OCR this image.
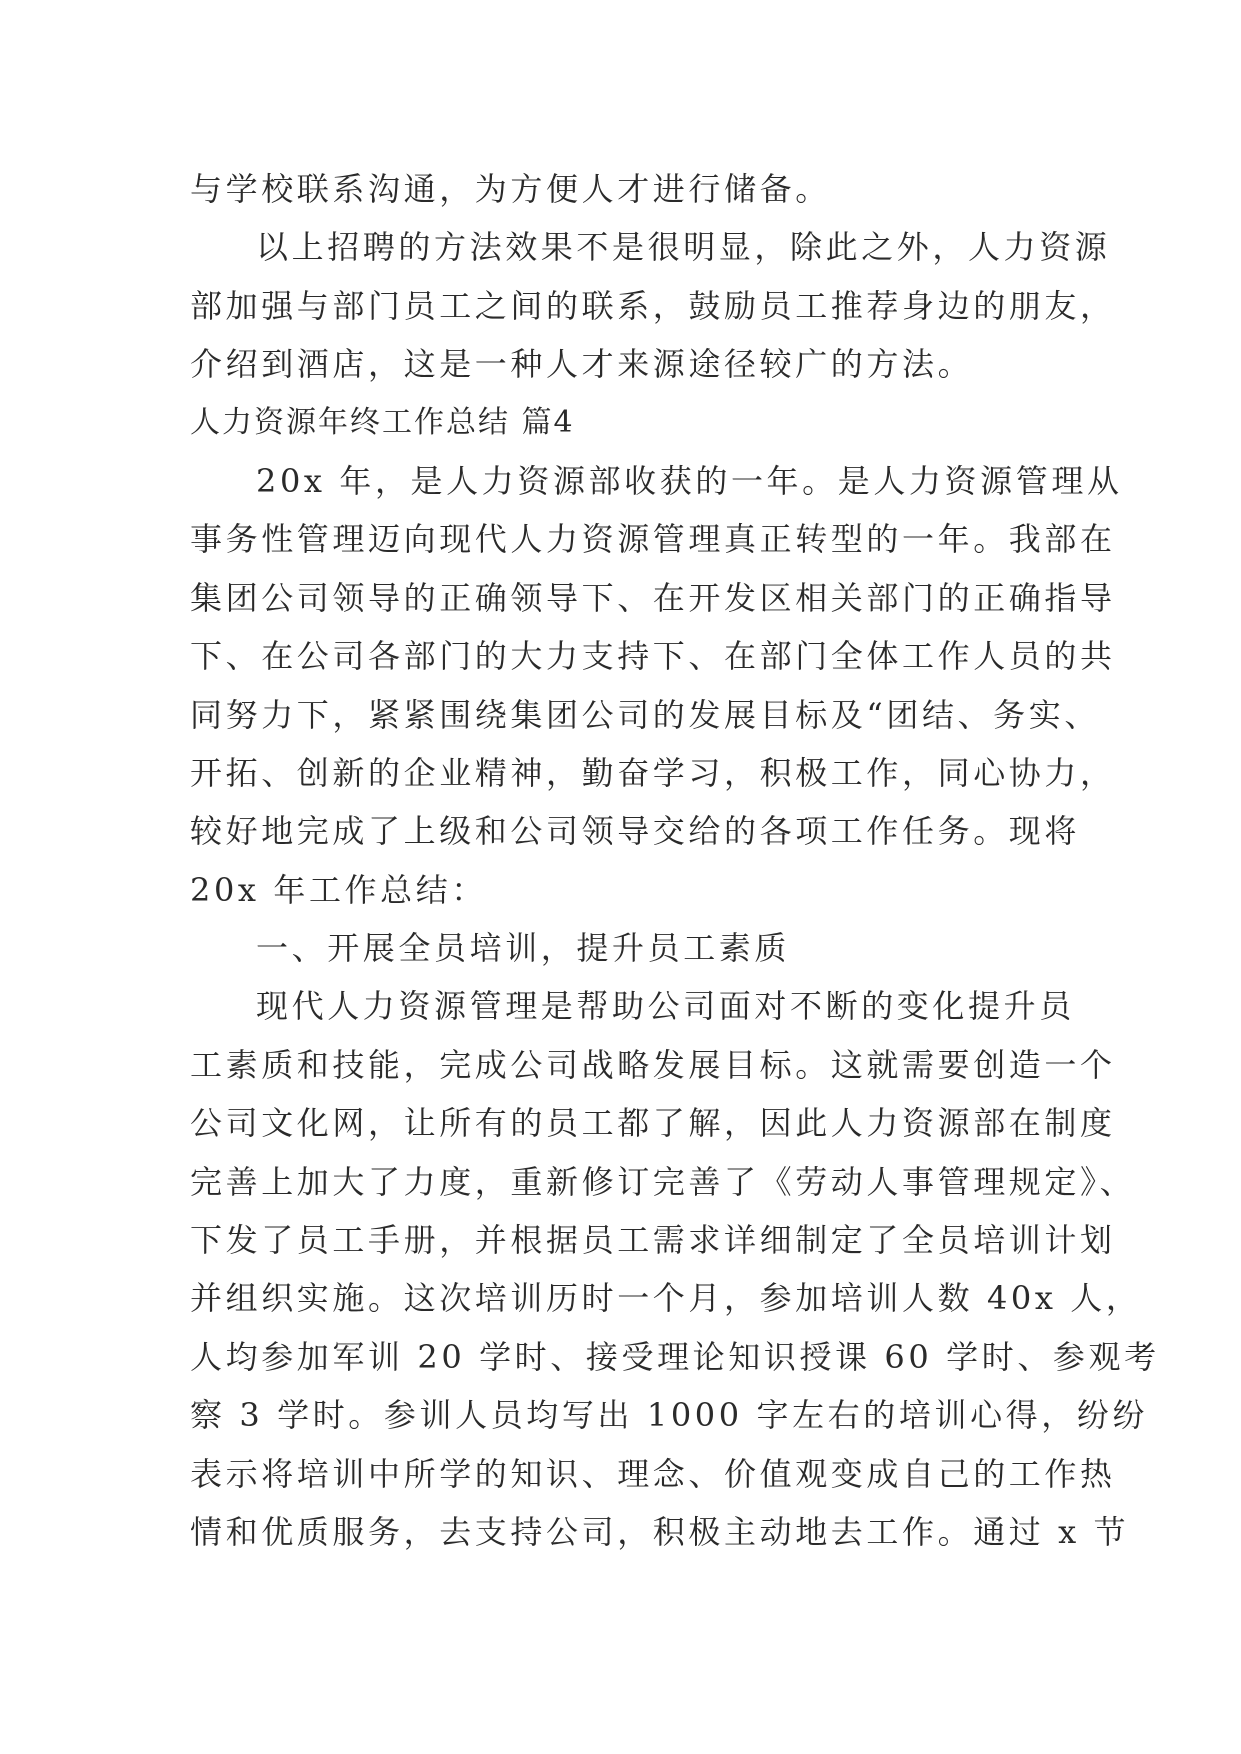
与学校联系沟通，为方便人才进行储备。
以上招聘的方法效果不是很明显，除此之外，人力资源
部加强与部门员工之间的联系，鼓励员工推荐身边的朋友，
介绍到酒店，这是一种人才来源途径较广的方法。
人力资源年终工作总结 篇4
20x 年，是人力资源部收获的一年。是人力资源管理从
事务性管理迈向现代人力资源管理真正转型的一年。我部在
集团公司领导的正确领导下、在开发区相关部门的正确指导
下、在公司各部门的大力支持下、在部门全体工作人员的共
同努力下，紧紧围绕集团公司的发展目标及“团结、务实、
开拓、创新的企业精神，勤奋学习，积极工作，同心协力，
较好地完成了上级和公司领导交给的各项工作任务。现将
20x 年工作总结：
一、开展全员培训，提升员工素质
现代人力资源管理是帮助公司面对不断的变化提升员
工素质和技能，完成公司战略发展目标。这就需要创造一个
公司文化网，让所有的员工都了解，因此人力资源部在制度
完善上加大了力度，重新修订完善了《劳动人事管理规定》、
下发了员工手册，并根据员工需求详细制定了全员培训计划
并组织实施。这次培训历时一个月，参加培训人数 40x 人，
人均参加军训 20 学时、接受理论知识授课 60 学时、参观考
察 3 学时。参训人员均写出 1000 字左右的培训心得，纷纷
表示将培训中所学的知识、理念、价值观变成自己的工作热
情和优质服务，去支持公司，积极主动地去工作。通过 x 节
